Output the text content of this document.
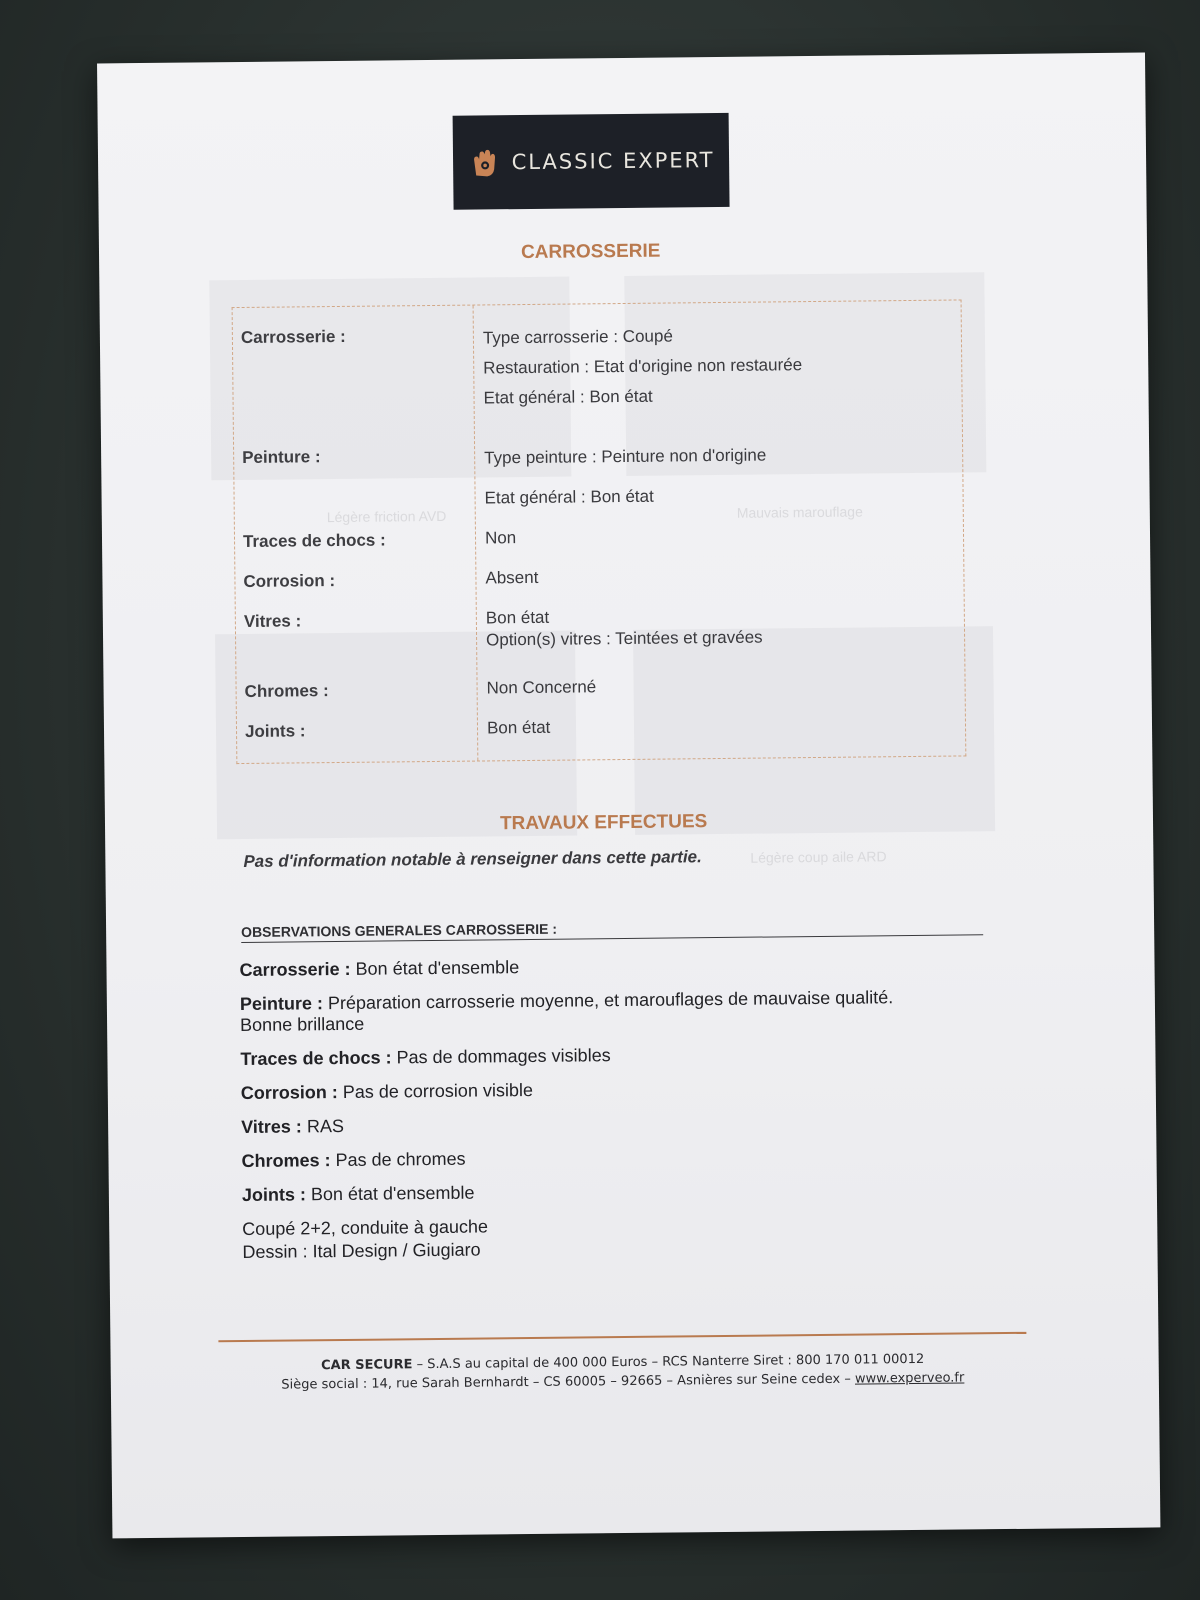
Légère friction AVD	Mauvais marouflage
Légère coup aile ARD
CLASSIC EXPERT
CARROSSERIE
Carrosserie :	Type carrosserie : Coupé
Restauration : Etat d'origine non restaurée
Etat général : Bon état
Peinture :	Type peinture : Peinture non d'origine
Etat général : Bon état
Traces de chocs :	Non
Corrosion :	Absent
Vitres :	Bon état
Option(s) vitres : Teintées et gravées
Chromes :	Non Concerné
Joints :	Bon état
TRAVAUX EFFECTUES
Pas d'information notable à renseigner dans cette partie.
OBSERVATIONS GENERALES CARROSSERIE :
Carrosserie : Bon état d'ensemble
Peinture : Préparation carrosserie moyenne, et marouflages de mauvaise qualité.
Bonne brillance
Traces de chocs : Pas de dommages visibles
Corrosion : Pas de corrosion visible
Vitres : RAS
Chromes : Pas de chromes
Joints : Bon état d'ensemble
Coupé 2+2, conduite à gauche
Dessin : Ital Design / Giugiaro
CAR SECURE – S.A.S au capital de 400 000 Euros – RCS Nanterre Siret : 800 170 011 00012
Siège social : 14, rue Sarah Bernhardt – CS 60005 – 92665 – Asnières sur Seine cedex – www.experveo.fr
